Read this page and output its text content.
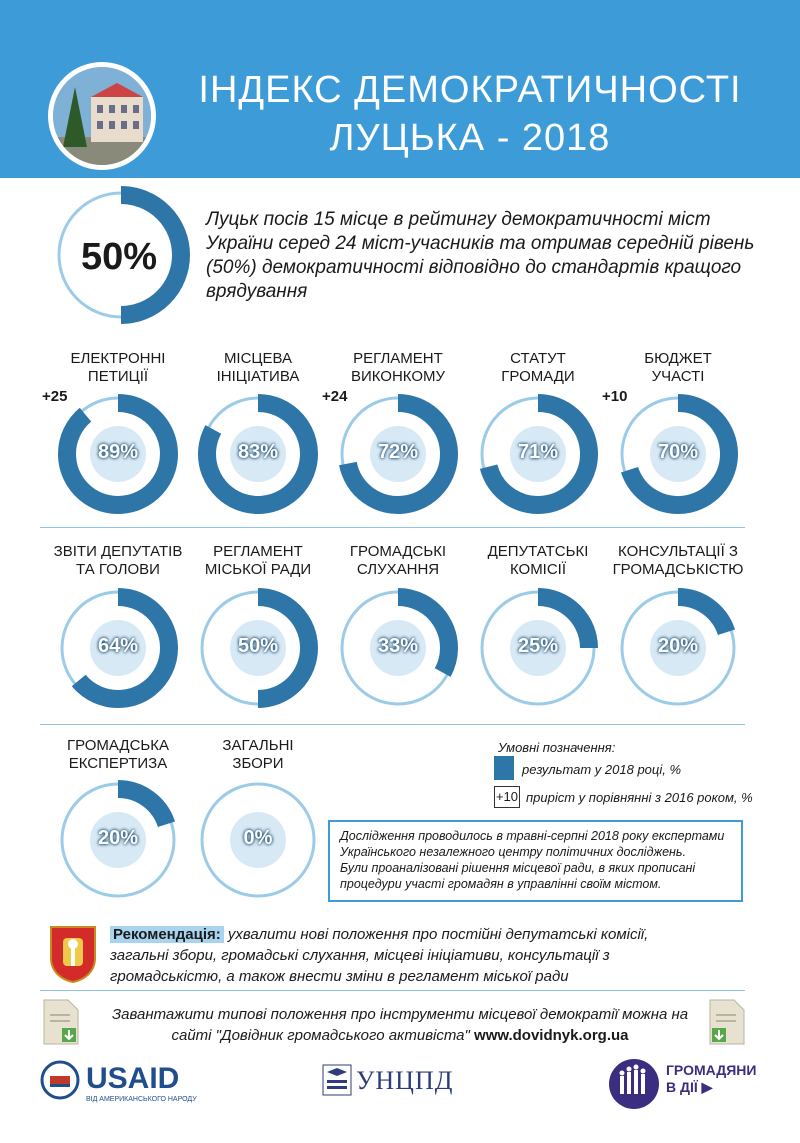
ІНДЕКС ДЕМОКРАТИЧНОСТІ
ЛУЦЬКА - 2018
50%
Луцьк посів 15 місце в рейтингу демократичності міст України серед 24 міст-учасників та отримав середній рівень (50%) демократичності відповідно до стандартів кращого врядування
ЕЛЕКТРОННІ
ПЕТИЦІЇ
89%
+25
МІСЦЕВА
ІНІЦІАТИВА
83%
РЕГЛАМЕНТ
ВИКОНКОМУ
72%
+24
СТАТУТ
ГРОМАДИ
71%
БЮДЖЕТ
УЧАСТІ
70%
+10
ЗВІТИ ДЕПУТАТІВ
ТА ГОЛОВИ
64%
РЕГЛАМЕНТ
МІСЬКОЇ РАДИ
50%
ГРОМАДСЬКІ
СЛУХАННЯ
33%
ДЕПУТАТСЬКІ
КОМІСІЇ
25%
КОНСУЛЬТАЦІЇ З
ГРОМАДСЬКІСТЮ
20%
ГРОМАДСЬКА
ЕКСПЕРТИЗА
20%
ЗАГАЛЬНІ
ЗБОРИ
0%
Умовні позначення:
результат у 2018 році, %
+10 приріст у порівнянні з 2016 роком, %
Дослідження проводилось в травні-серпні 2018 року експертами
Українського незалежного центру політичних досліджень.
Були проаналізовані рішення місцевої ради, в яких прописані
процедури участі громадян в управлінні своїм містом.
Рекомендація: ухвалити нові положення про постійні депутатські комісії, загальні збори, громадські слухання, місцеві ініціативи, консультації з громадськістю, а також внести зміни в регламент міської ради
Завантажити типові положення про інструменти місцевої демократії можна на сайті "Довідник громадського активіста" www.dovidnyk.org.ua
USAID
ВІД АМЕРИКАНСЬКОГО НАРОДУ
УНЦПД	ГРОМАДЯНИ
В ДІЇ ▶
